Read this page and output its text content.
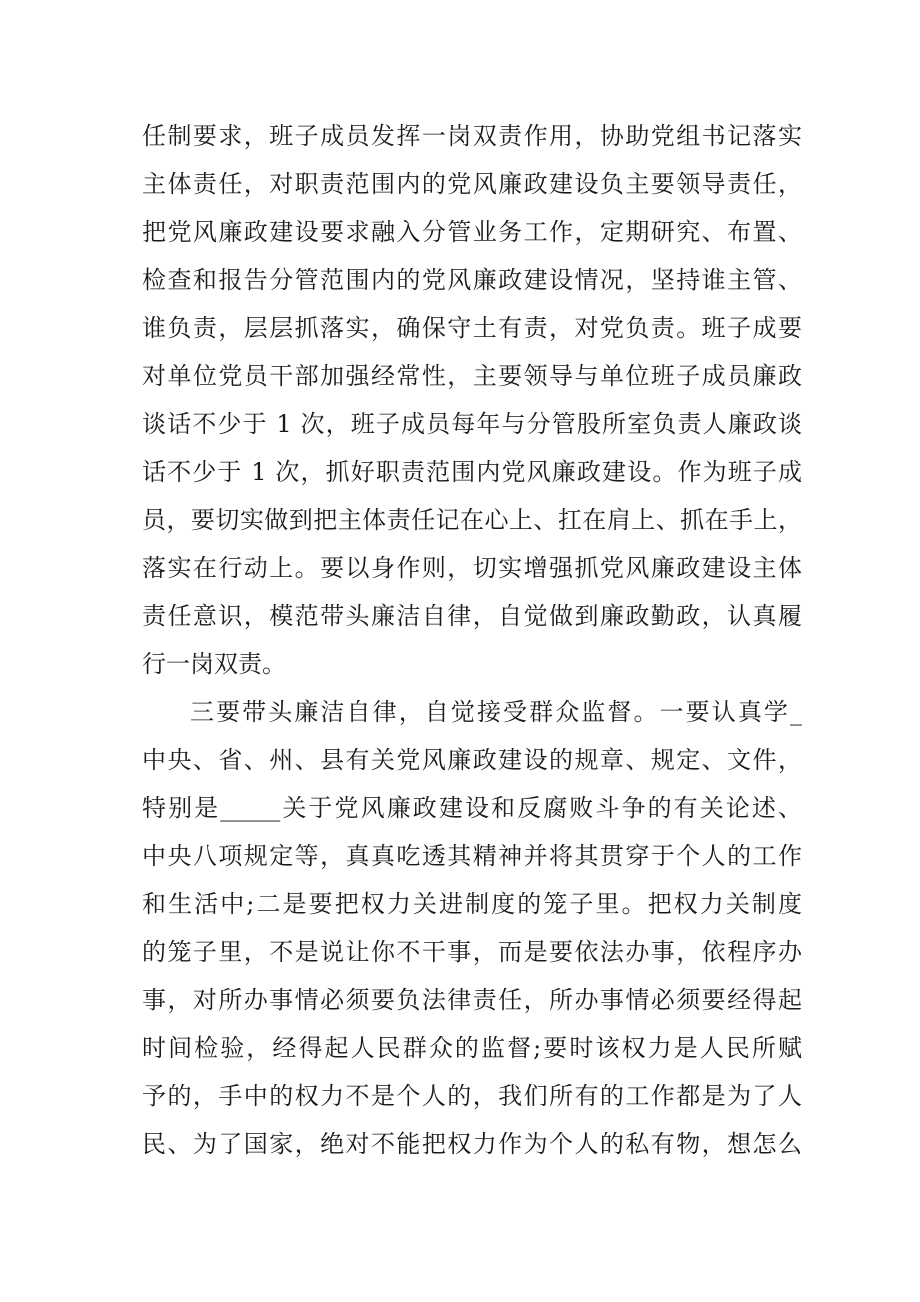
任制要求，班子成员发挥一岗双责作用，协助党组书记落实
主体责任，对职责范围内的党风廉政建设负主要领导责任，
把党风廉政建设要求融入分管业务工作，定期研究、布置、
检查和报告分管范围内的党风廉政建设情况，坚持谁主管、
谁负责，层层抓落实，确保守土有责，对党负责。班子成要
对单位党员干部加强经常性，主要领导与单位班子成员廉政
谈话不少于 1 次，班子成员每年与分管股所室负责人廉政谈
话不少于 1 次，抓好职责范围内党风廉政建设。作为班子成
员，要切实做到把主体责任记在心上、扛在肩上、抓在手上，
落实在行动上。要以身作则，切实增强抓党风廉政建设主体
责任意识，模范带头廉洁自律，自觉做到廉政勤政，认真履
行一岗双责。
三要带头廉洁自律，自觉接受群众监督。一要认真学_
中央、省、州、县有关党风廉政建设的规章、规定、文件，
特别是_____关于党风廉政建设和反腐败斗争的有关论述、
中央八项规定等，真真吃透其精神并将其贯穿于个人的工作
和生活中;二是要把权力关进制度的笼子里。把权力关制度
的笼子里，不是说让你不干事，而是要依法办事，依程序办
事，对所办事情必须要负法律责任，所办事情必须要经得起
时间检验，经得起人民群众的监督;要时该权力是人民所赋
予的，手中的权力不是个人的，我们所有的工作都是为了人
民、为了国家，绝对不能把权力作为个人的私有物，想怎么
